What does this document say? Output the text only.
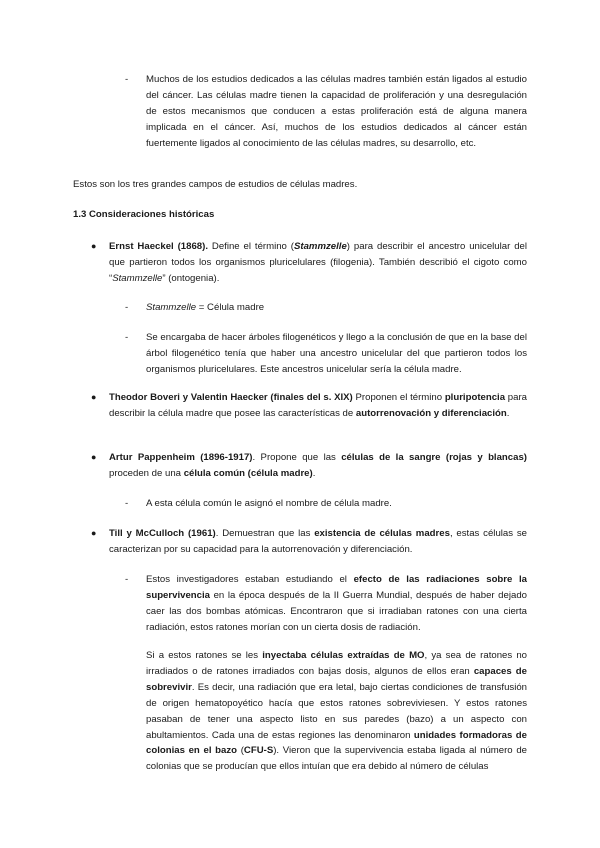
- Muchos de los estudios dedicados a las células madres también están ligados al estudio del cáncer. Las células madre tienen la capacidad de proliferación y una desregulación de estos mecanismos que conducen a estas proliferación está de alguna manera implicada en el cáncer. Así, muchos de los estudios dedicados al cáncer están fuertemente ligados al conocimiento de las células madres, su desarrollo, etc.

Estos son los tres grandes campos de estudios de células madres.

1.3 Consideraciones históricas
● Ernst Haeckel (1868). Define el término (Stammzelle) para describir el ancestro unicelular del que partieron todos los organismos pluricelulares (filogenia). También describió el cigoto como “Stammzelle” (ontogenia).

- Stammzelle = Célula madre

- Se encargaba de hacer árboles filogenéticos y llego a la conclusión de que en la base del árbol filogenético tenía que haber una ancestro unicelular del que partieron todos los organismos pluricelulares. Este ancestros unicelular sería la célula madre.

● Theodor Boveri y Valentin Haecker (finales del s. XIX) Proponen el término pluripotencia para describir la célula madre que posee las características de autorrenovación y diferenciación.

● Artur Pappenheim (1896-1917). Propone que las células de la sangre (rojas y blancas) proceden de una célula común (célula madre).

- A esta célula común le asignó el nombre de célula madre.

● Till y McCulloch (1961). Demuestran que las existencia de células madres, estas células se caracterizan por su capacidad para la autorrenovación y diferenciación.

- Estos investigadores estaban estudiando el efecto de las radiaciones sobre la supervivencia en la época después de la II Guerra Mundial, después de haber dejado caer las dos bombas atómicas. Encontraron que si irradiaban ratones con una cierta radiación, estos ratones morían con un cierta dosis de radiación.

Si a estos ratones se les inyectaba células extraídas de MO, ya sea de ratones no irradiados o de ratones irradiados con bajas dosis, algunos de ellos eran capaces de sobrevivir. Es decir, una radiación que era letal, bajo ciertas condiciones de transfusión de origen hematopoyético hacía que estos ratones sobreviviesen. Y estos ratones pasaban de tener una aspecto listo en sus paredes (bazo) a un aspecto con abultamientos. Cada una de estas regiones las denominaron unidades formadoras de colonias en el bazo (CFU-S). Vieron que la supervivencia estaba ligada al número de colonias que se producían que ellos intuían que era debido al número de células
